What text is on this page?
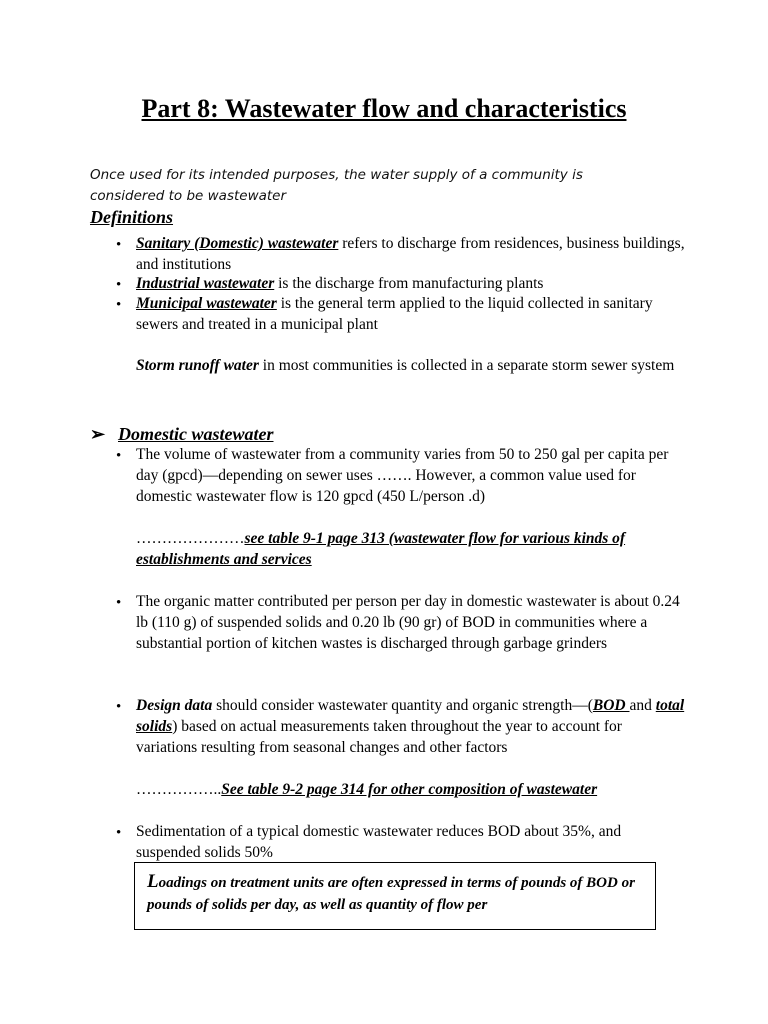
Part 8: Wastewater flow and characteristics
Once used for its intended purposes, the water supply of a community is considered to be wastewater
Definitions
• Sanitary (Domestic) wastewater refers to discharge from residences, business buildings, and institutions
• Industrial wastewater is the discharge from manufacturing plants
• Municipal wastewater is the general term applied to the liquid collected in sanitary sewers and treated in a municipal plant
Storm runoff water in most communities is collected in a separate storm sewer system
➢ Domestic wastewater
• The volume of wastewater from a community varies from 50 to 250 gal per capita per day (gpcd)—depending on sewer uses ……. However, a common value used for domestic wastewater flow is 120 gpcd (450 L/person .d)
…………………see table 9-1 page 313 (wastewater flow for various kinds of establishments and services
• The organic matter contributed per person per day in domestic wastewater is about 0.24 lb (110 g) of suspended solids and 0.20 lb (90 gr) of BOD in communities where a substantial portion of kitchen wastes is discharged through garbage grinders
• Design data should consider wastewater quantity and organic strength—(BOD and total solids) based on actual measurements taken throughout the year to account for variations resulting from seasonal changes and other factors
……………..See table 9-2 page 314 for other composition of wastewater
• Sedimentation of a typical domestic wastewater reduces BOD about 35%, and suspended solids 50%
Loadings on treatment units are often expressed in terms of pounds of BOD or pounds of solids per day, as well as quantity of flow per
